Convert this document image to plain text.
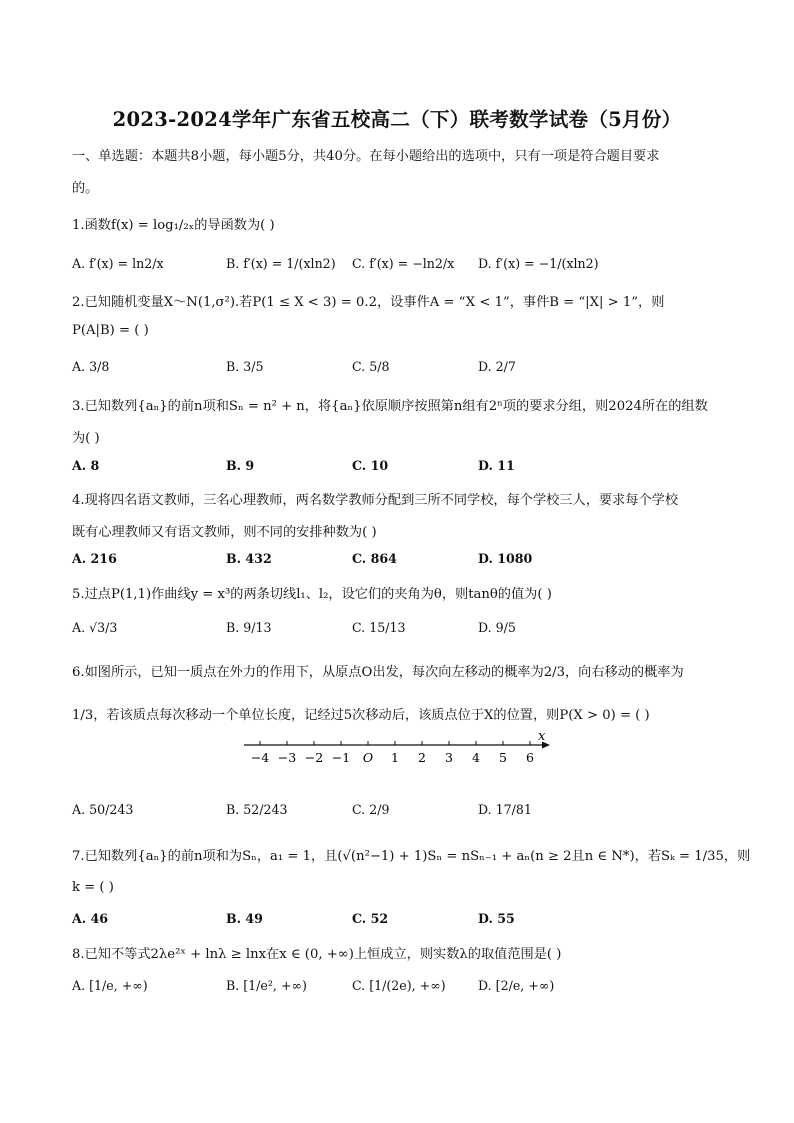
2023-2024学年广东省五校高二（下）联考数学试卷（5月份）
一、单选题：本题共8小题，每小题5分，共40分。在每小题给出的选项中，只有一项是符合题目要求
的。
1.函数f(x) = log₁/₂ₓ的导函数为( )
A. f′(x) = ln2/x	B. f′(x) = 1/(xln2) C. f′(x) = −ln2/x D. f′(x) = −1/(xln2)
2.已知随机变量X～N(1,σ²).若P(1 ≤ X < 3) = 0.2，设事件A = “X < 1”，事件B = “|X| > 1”，则
P(A|B) = ( )
A. 3/8	B. 3/5	C. 5/8	D. 2/7
3.已知数列{aₙ}的前n项和Sₙ = n² + n，将{aₙ}依原顺序按照第n组有2ⁿ项的要求分组，则2024所在的组数
为( )
A. 8	B. 9	C. 10	D. 11
4.现将四名语文教师，三名心理教师，两名数学教师分配到三所不同学校，每个学校三人，要求每个学校
既有心理教师又有语文教师，则不同的安排种数为( )
A. 216	B. 432	C. 864	D. 1080
5.过点P(1,1)作曲线y = x³的两条切线l₁、l₂，设它们的夹角为θ，则tanθ的值为( )
A. √3/3	B. 9/13	C. 15/13	D. 9/5
6.如图所示，已知一质点在外力的作用下，从原点O出发，每次向左移动的概率为2/3，向右移动的概率为
1/3，若该质点每次移动一个单位长度，记经过5次移动后，该质点位于X的位置，则P(X > 0) = ( )
x
−4 −3 −2 −1 O 1 2 3 4 5 6
A. 50/243	B. 52/243	C. 2/9	D. 17/81
7.已知数列{aₙ}的前n项和为Sₙ，a₁ = 1，且(√(n²−1) + 1)Sₙ = nSₙ₋₁ + aₙ(n ≥ 2且n ∈ N*)，若Sₖ = 1/35，则
k = ( )
A. 46	B. 49	C. 52	D. 55
8.已知不等式2λe²ˣ + lnλ ≥ lnx在x ∈ (0, +∞)上恒成立，则实数λ的取值范围是( )
A. [1/e, +∞)	B. [1/e², +∞)	C. [1/(2e), +∞)	D. [2/e, +∞)
